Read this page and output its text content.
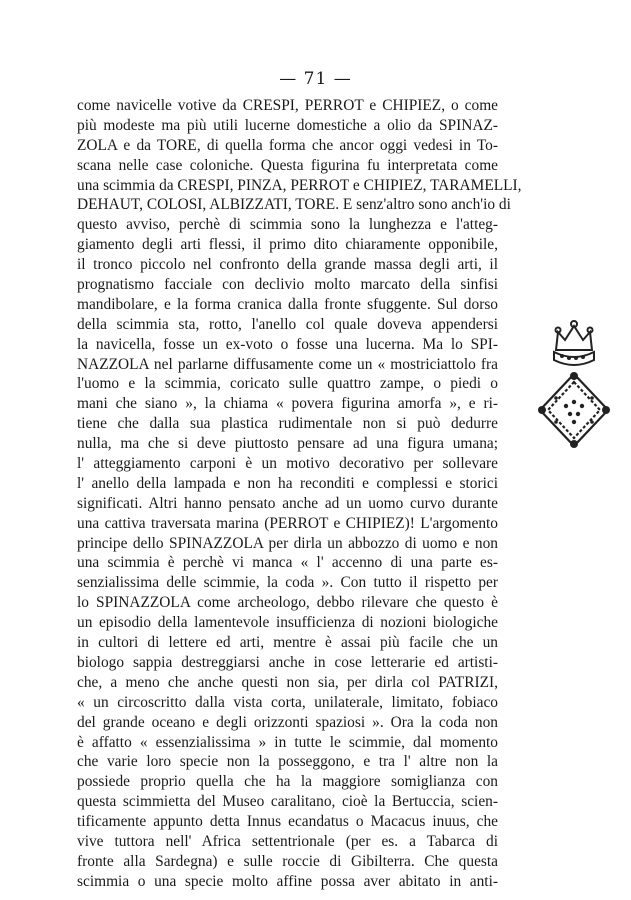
— 71 —
come navicelle votive da CRESPI, PERROT e CHIPIEZ, o come
più modeste ma più utili lucerne domestiche a olio da SPINAZ-
ZOLA e da TORE, di quella forma che ancor oggi vedesi in To-
scana nelle case coloniche. Questa figurina fu interpretata come
una scimmia da CRESPI, PINZA, PERROT e CHIPIEZ, TARAMELLI,
DEHAUT, COLOSI, ALBIZZATI, TORE. E senz'altro sono anch'io di
questo avviso, perchè di scimmia sono la lunghezza e l'atteg-
giamento degli arti flessi, il primo dito chiaramente opponibile,
il tronco piccolo nel confronto della grande massa degli arti, il
prognatismo facciale con declivio molto marcato della sinfisi
mandibolare, e la forma cranica dalla fronte sfuggente. Sul dorso
della scimmia sta, rotto, l'anello col quale doveva appendersi
la navicella, fosse un ex-voto o fosse una lucerna. Ma lo SPI-
NAZZOLA nel parlarne diffusamente come un « mostriciattolo fra
l'uomo e la scimmia, coricato sulle quattro zampe, o piedi o
mani che siano », la chiama « povera figurina amorfa », e ri-
tiene che dalla sua plastica rudimentale non si può dedurre
nulla, ma che si deve piuttosto pensare ad una figura umana;
l' atteggiamento carponi è un motivo decorativo per sollevare
l' anello della lampada e non ha reconditi e complessi e storici
significati. Altri hanno pensato anche ad un uomo curvo durante
una cattiva traversata marina (PERROT e CHIPIEZ)! L'argomento
principe dello SPINAZZOLA per dirla un abbozzo di uomo e non
una scimmia è perchè vi manca « l' accenno di una parte es-
senzialissima delle scimmie, la coda ». Con tutto il rispetto per
lo SPINAZZOLA come archeologo, debbo rilevare che questo è
un episodio della lamentevole insufficienza di nozioni biologiche
in cultori di lettere ed arti, mentre è assai più facile che un
biologo sappia destreggiarsi anche in cose letterarie ed artisti-
che, a meno che anche questi non sia, per dirla col PATRIZI,
« un circoscritto dalla vista corta, unilaterale, limitato, fobiaco
del grande oceano e degli orizzonti spaziosi ». Ora la coda non
è affatto « essenzialissima » in tutte le scimmie, dal momento
che varie loro specie non la posseggono, e tra l' altre non la
possiede proprio quella che ha la maggiore somiglianza con
questa scimmietta del Museo caralitano, cioè la Bertuccia, scien-
tificamente appunto detta Innus ecandatus o Macacus inuus, che
vive tuttora nell' Africa settentrionale (per es. a Tabarca di
fronte alla Sardegna) e sulle roccie di Gibilterra. Che questa
scimmia o una specie molto affine possa aver abitato in anti-
